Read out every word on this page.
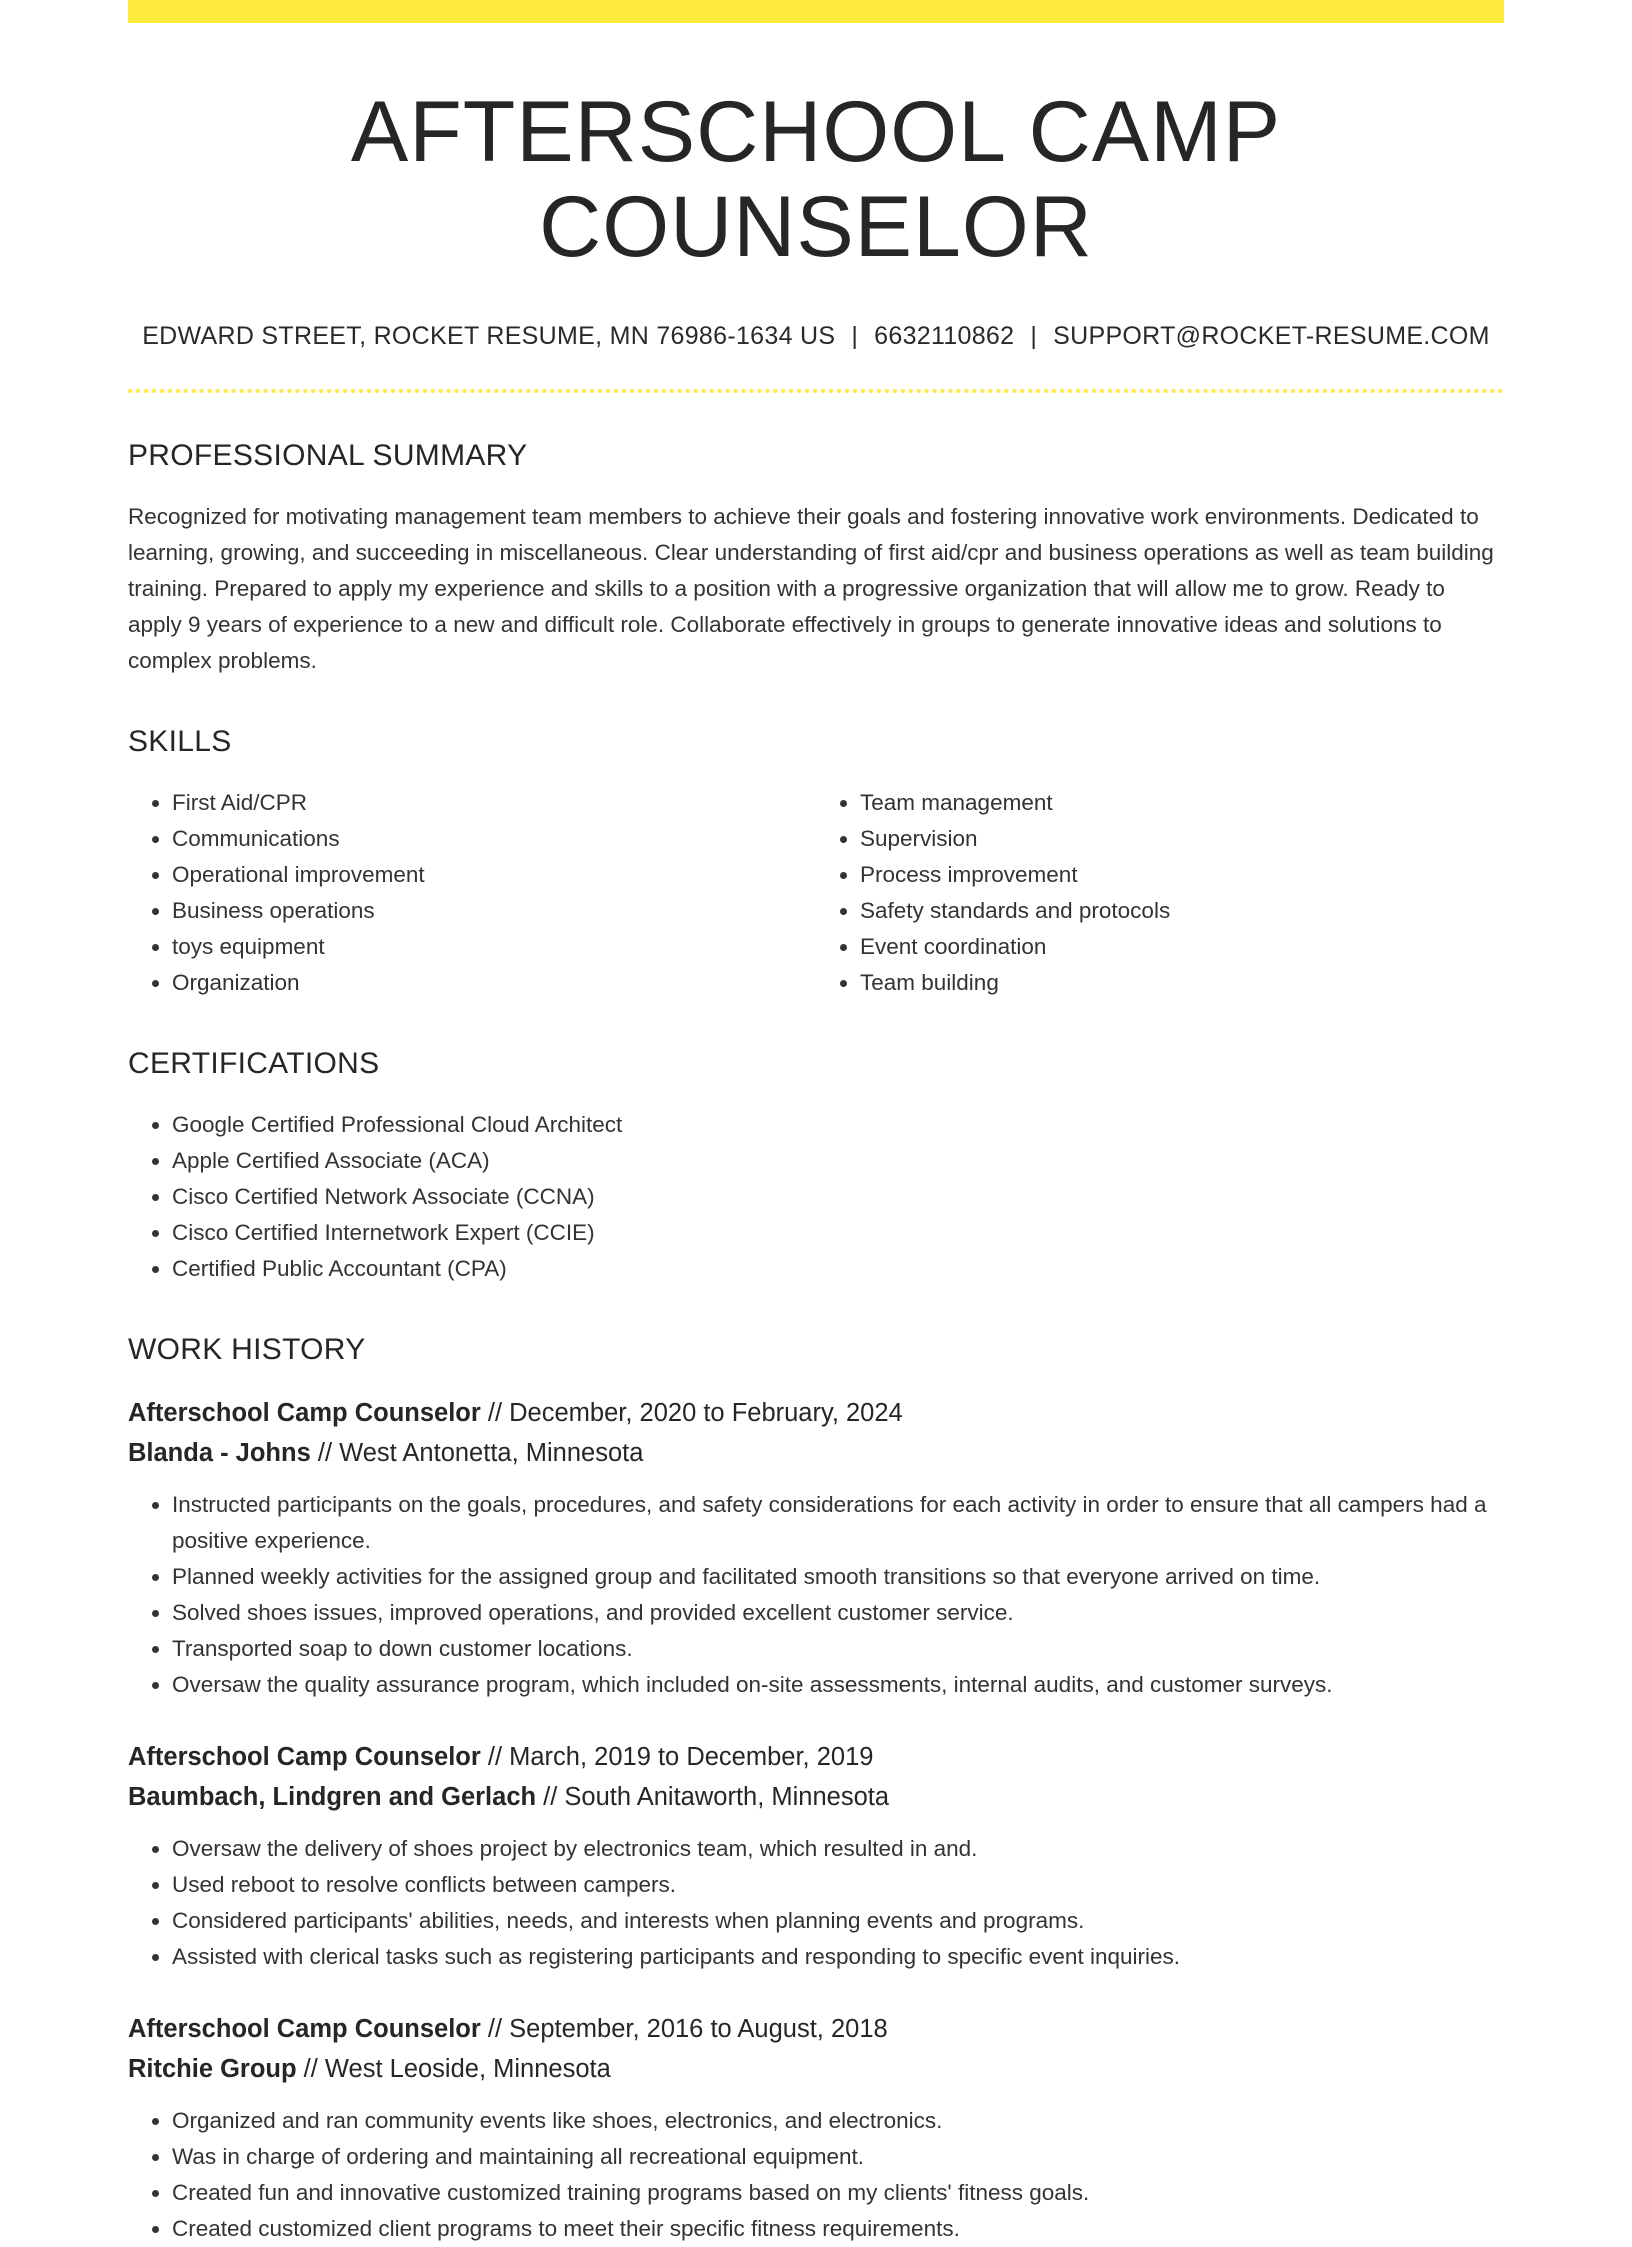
AFTERSCHOOL CAMP COUNSELOR
EDWARD STREET, ROCKET RESUME, MN 76986-1634 US | 6632110862 | SUPPORT@ROCKET-RESUME.COM
PROFESSIONAL SUMMARY

Recognized for motivating management team members to achieve their goals and fostering innovative work environments. Dedicated to learning, growing, and succeeding in miscellaneous. Clear understanding of first aid/cpr and business operations as well as team building training. Prepared to apply my experience and skills to a position with a progressive organization that will allow me to grow. Ready to apply 9 years of experience to a new and difficult role. Collaborate effectively in groups to generate innovative ideas and solutions to complex problems.

SKILLS
• First Aid/CPR
• Communications
• Operational improvement
• Business operations
• toys equipment
• Organization
• Team management
• Supervision
• Process improvement
• Safety standards and protocols
• Event coordination
• Team building
CERTIFICATIONS
• Google Certified Professional Cloud Architect
• Apple Certified Associate (ACA)
• Cisco Certified Network Associate (CCNA)
• Cisco Certified Internetwork Expert (CCIE)
• Certified Public Accountant (CPA)
WORK HISTORY
Afterschool Camp Counselor // December, 2020 to February, 2024
Blanda - Johns // West Antonetta, Minnesota
• Instructed participants on the goals, procedures, and safety considerations for each activity in order to ensure that all campers had a positive experience.
• Planned weekly activities for the assigned group and facilitated smooth transitions so that everyone arrived on time.
• Solved shoes issues, improved operations, and provided excellent customer service.
• Transported soap to down customer locations.
• Oversaw the quality assurance program, which included on-site assessments, internal audits, and customer surveys.
Afterschool Camp Counselor // March, 2019 to December, 2019
Baumbach, Lindgren and Gerlach // South Anitaworth, Minnesota
• Oversaw the delivery of shoes project by electronics team, which resulted in and.
• Used reboot to resolve conflicts between campers.
• Considered participants' abilities, needs, and interests when planning events and programs.
• Assisted with clerical tasks such as registering participants and responding to specific event inquiries.
Afterschool Camp Counselor // September, 2016 to August, 2018
Ritchie Group // West Leoside, Minnesota
• Organized and ran community events like shoes, electronics, and electronics.
• Was in charge of ordering and maintaining all recreational equipment.
• Created fun and innovative customized training programs based on my clients' fitness goals.
• Created customized client programs to meet their specific fitness requirements.
